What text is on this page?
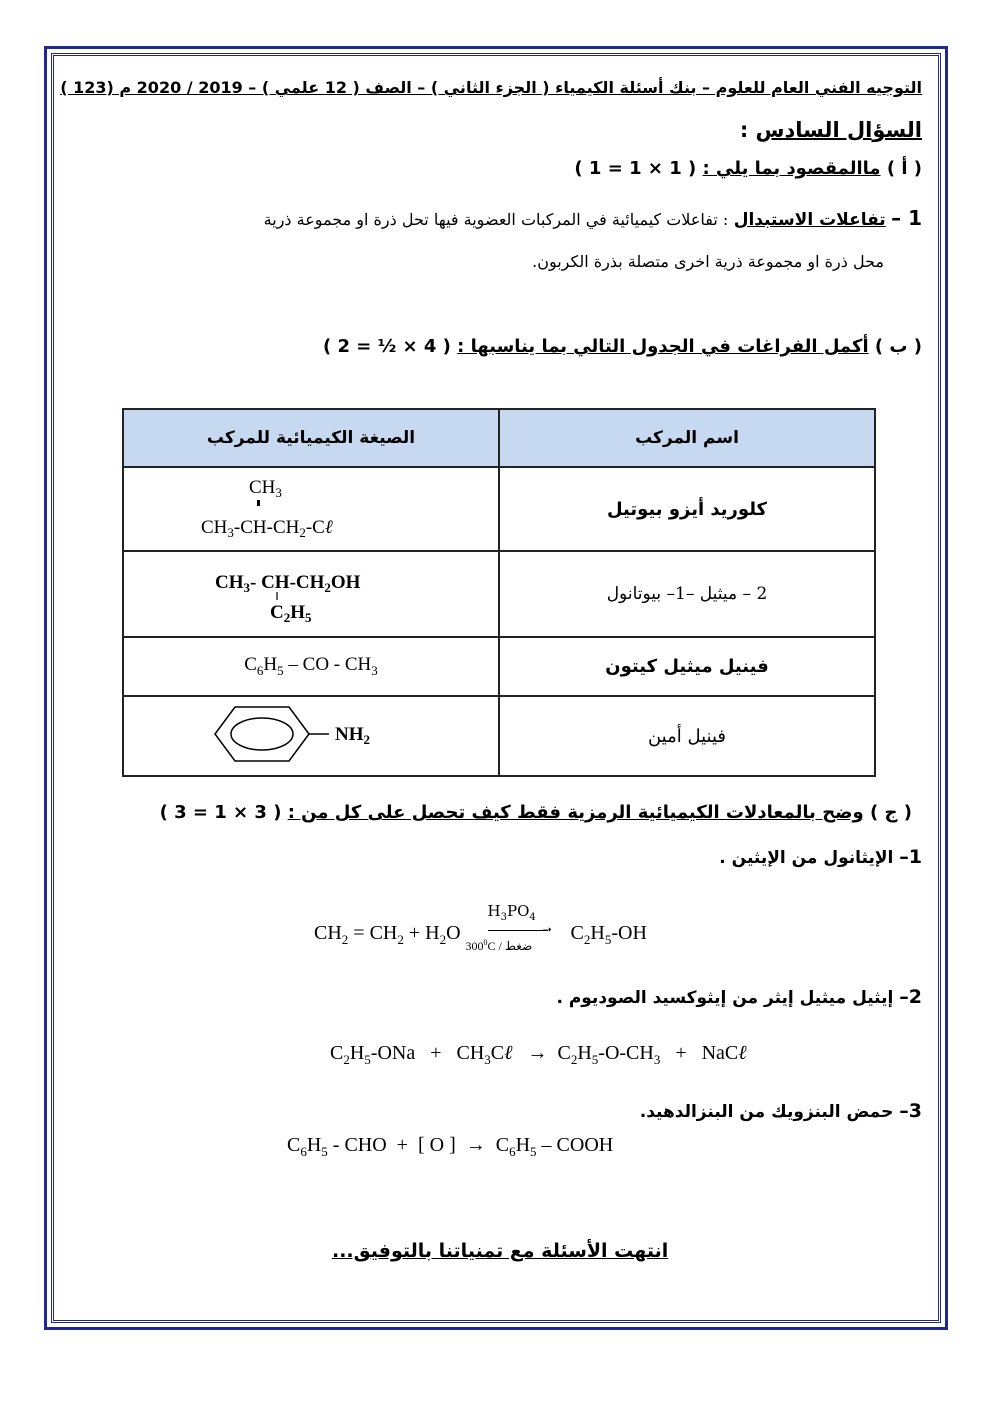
التوجيه الفني العام للعلوم – بنك أسئلة الكيمياء ( الجزء الثاني ) – الصف ( 12 علمي ) – 2019 / 2020 م (123 )
السؤال السادس :
( أ ) ماالمقصود بما يلي : ( 1 × 1 = 1 )
1 – تفاعلات الاستبدال : تفاعلات كيميائية في المركبات العضوية فيها تحل ذرة او مجموعة ذرية
محل ذرة او مجموعة ذرية اخرى متصلة بذرة الكربون.
( ب ) أكمل الفراغات في الجدول التالي بما يناسبها : ( 4 × ½ = 2 )
الصيغة الكيميائية للمركب	اسم المركب

$CH_3$
$CH_3-CH-CH_2-C\ell$	كلوريد أيزو بيوتيل

$CH_3-$ $CH-CH_2OH$
$C_2H_5$	2 – ميثيل –1– بيوتانول
$C_6H_5$ – CO - $CH_3$	فينيل ميثيل كيتون

$NH_2$	فينيل أمين
( ج ) وضح بالمعادلات الكيميائية الرمزية فقط كيف تحصل على كل من : ( 3 × 1 = 3 )
1– الإيثانول من الإيثين .
$CH_2 = CH_2 + H_2O$
$H_3PO_4$
➝
$300^0C$ / ضغط
$C_2H_5-OH$
2– إيثيل ميثيل إيثر من إيثوكسيد الصوديوم .
$C_2H_5$-ONa   +   $CH_3C\ell \to C_2H_5-O-CH_3$   +   NaCℓ
3– حمض البنزويك من البنزالدهيد.
$C_6H_5$ - CHO  +  [ O ]  →  $C_6H_5$ – COOH
انتهت الأسئلة مع تمنياتنا بالتوفيق...
